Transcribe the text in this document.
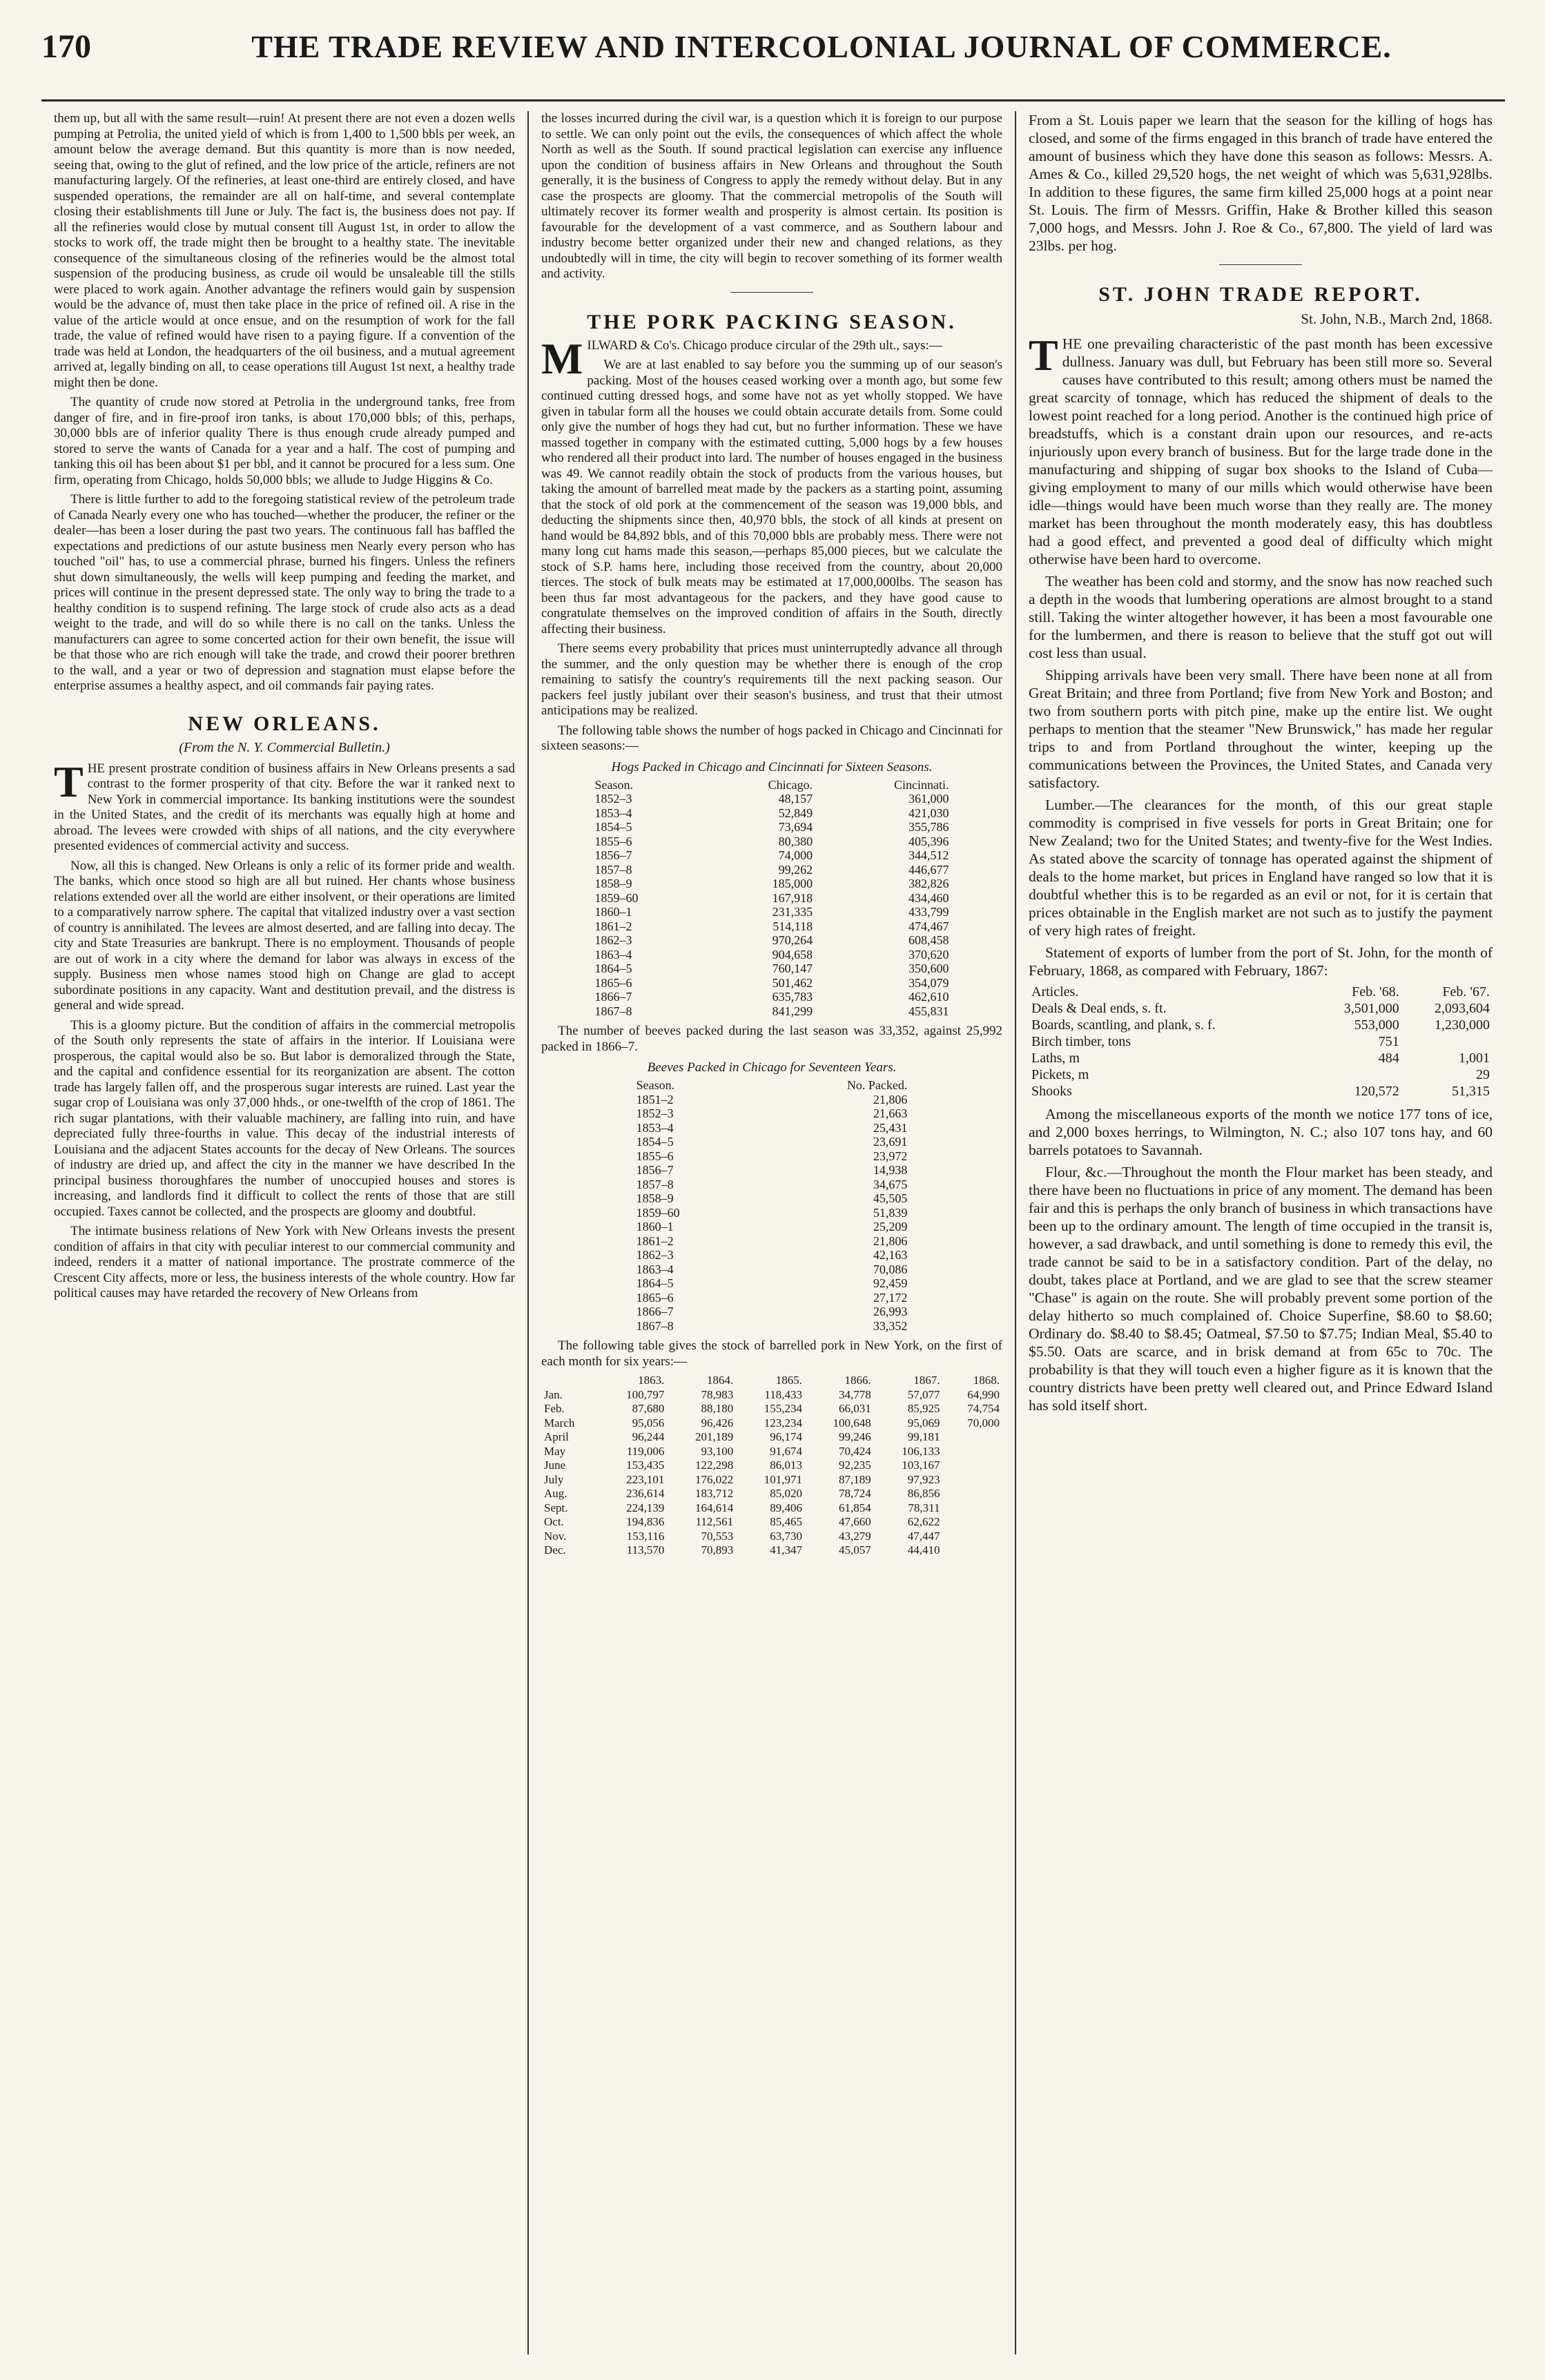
170	THE TRADE REVIEW AND INTERCOLONIAL JOURNAL OF COMMERCE.

them up, but all with the same result—ruin! At present there are not even a dozen wells pumping at Petrolia, the united yield of which is from 1,400 to 1,500 bbls per week, an amount below the average demand. But this quantity is more than is now needed, seeing that, owing to the glut of refined, and the low price of the article, refiners are not manufacturing largely. Of the refineries, at least one-third are entirely closed, and have suspended operations, the remainder are all on half-time, and several contemplate closing their establishments till June or July. The fact is, the business does not pay. If all the refineries would close by mutual consent till August 1st, in order to allow the stocks to work off, the trade might then be brought to a healthy state. The inevitable consequence of the simultaneous closing of the refineries would be the almost total suspension of the producing business, as crude oil would be unsaleable till the stills were placed to work again. Another advantage the refiners would gain by suspension would be the advance of, must then take place in the price of refined oil. A rise in the value of the article would at once ensue, and on the resumption of work for the fall trade, the value of refined would have risen to a paying figure. If a convention of the trade was held at London, the headquarters of the oil business, and a mutual agreement arrived at, legally binding on all, to cease operations till August 1st next, a healthy trade might then be done.

The quantity of crude now stored at Petrolia in the underground tanks, free from danger of fire, and in fire-proof iron tanks, is about 170,000 bbls; of this, perhaps, 30,000 bbls are of inferior quality There is thus enough crude already pumped and stored to serve the wants of Canada for a year and a half. The cost of pumping and tanking this oil has been about $1 per bbl, and it cannot be procured for a less sum. One firm, operating from Chicago, holds 50,000 bbls; we allude to Judge Higgins & Co.

There is little further to add to the foregoing statistical review of the petroleum trade of Canada Nearly every one who has touched—whether the producer, the refiner or the dealer—has been a loser during the past two years. The continuous fall has baffled the expectations and predictions of our astute business men Nearly every person who has touched "oil" has, to use a commercial phrase, burned his fingers. Unless the refiners shut down simultaneously, the wells will keep pumping and feeding the market, and prices will continue in the present depressed state. The only way to bring the trade to a healthy condition is to suspend refining. The large stock of crude also acts as a dead weight to the trade, and will do so while there is no call on the tanks. Unless the manufacturers can agree to some concerted action for their own benefit, the issue will be that those who are rich enough will take the trade, and crowd their poorer brethren to the wall, and a year or two of depression and stagnation must elapse before the enterprise assumes a healthy aspect, and oil commands fair paying rates.

NEW ORLEANS.
(From the N. Y. Commercial Bulletin.)

THE present prostrate condition of business affairs in New Orleans presents a sad contrast to the former prosperity of that city. Before the war it ranked next to New York in commercial importance. Its banking institutions were the soundest in the United States, and the credit of its merchants was equally high at home and abroad. The levees were crowded with ships of all nations, and the city everywhere presented evidences of commercial activity and success.

Now, all this is changed. New Orleans is only a relic of its former pride and wealth. The banks, which once stood so high are all but ruined. Her chants whose business relations extended over all the world are either insolvent, or their operations are limited to a comparatively narrow sphere. The capital that vitalized industry over a vast section of country is annihilated. The levees are almost deserted, and are falling into decay. The city and State Treasuries are bankrupt. There is no employment. Thousands of people are out of work in a city where the demand for labor was always in excess of the supply. Business men whose names stood high on Change are glad to accept subordinate positions in any capacity. Want and destitution prevail, and the distress is general and wide spread.

This is a gloomy picture. But the condition of affairs in the commercial metropolis of the South only represents the state of affairs in the interior. If Louisiana were prosperous, the capital would also be so. But labor is demoralized through the State, and the capital and confidence essential for its reorganization are absent. The cotton trade has largely fallen off, and the prosperous sugar interests are ruined. Last year the sugar crop of Louisiana was only 37,000 hhds., or one-twelfth of the crop of 1861. The rich sugar plantations, with their valuable machinery, are falling into ruin, and have depreciated fully three-fourths in value. This decay of the industrial interests of Louisiana and the adjacent States accounts for the decay of New Orleans. The sources of industry are dried up, and affect the city in the manner we have described In the principal business thoroughfares the number of unoccupied houses and stores is increasing, and landlords find it difficult to collect the rents of those that are still occupied. Taxes cannot be collected, and the prospects are gloomy and doubtful.

The intimate business relations of New York with New Orleans invests the present condition of affairs in that city with peculiar interest to our commercial community and indeed, renders it a matter of national importance. The prostrate commerce of the Crescent City affects, more or less, the business interests of the whole country. How far political causes may have retarded the recovery of New Orleans from

the losses incurred during the civil war, is a question which it is foreign to our purpose to settle. We can only point out the evils, the consequences of which affect the whole North as well as the South. If sound practical legislation can exercise any influence upon the condition of business affairs in New Orleans and throughout the South generally, it is the business of Congress to apply the remedy without delay. But in any case the prospects are gloomy. That the commercial metropolis of the South will ultimately recover its former wealth and prosperity is almost certain. Its position is favourable for the development of a vast commerce, and as Southern labour and industry become better organized under their new and changed relations, as they undoubtedly will in time, the city will begin to recover something of its former wealth and activity.

THE PORK PACKING SEASON.

MILWARD & Co's. Chicago produce circular of the 29th ult., says:—

We are at last enabled to say before you the summing up of our season's packing. Most of the houses ceased working over a month ago, but some few continued cutting dressed hogs, and some have not as yet wholly stopped. We have given in tabular form all the houses we could obtain accurate details from. Some could only give the number of hogs they had cut, but no further information. These we have massed together in company with the estimated cutting, 5,000 hogs by a few houses who rendered all their product into lard. The number of houses engaged in the business was 49. We cannot readily obtain the stock of products from the various houses, but taking the amount of barrelled meat made by the packers as a starting point, assuming that the stock of old pork at the commencement of the season was 19,000 bbls, and deducting the shipments since then, 40,970 bbls, the stock of all kinds at present on hand would be 84,892 bbls, and of this 70,000 bbls are probably mess. There were not many long cut hams made this season,—perhaps 85,000 pieces, but we calculate the stock of S.P. hams here, including those received from the country, about 20,000 tierces. The stock of bulk meats may be estimated at 17,000,000lbs. The season has been thus far most advantageous for the packers, and they have good cause to congratulate themselves on the improved condition of affairs in the South, directly affecting their business.

There seems every probability that prices must uninterruptedly advance all through the summer, and the only question may be whether there is enough of the crop remaining to satisfy the country's requirements till the next packing season. Our packers feel justly jubilant over their season's business, and trust that their utmost anticipations may be realized.

The following table shows the number of hogs packed in Chicago and Cincinnati for sixteen seasons:—

Hogs Packed in Chicago and Cincinnati for Sixteen Seasons.
Season.	Chicago.	Cincinnati.
1852–3	48,157	361,000
1853–4	52,849	421,030
1854–5	73,694	355,786
1855–6	80,380	405,396
1856–7	74,000	344,512
1857–8	99,262	446,677
1858–9	185,000	382,826
1859–60	167,918	434,460
1860–1	231,335	433,799
1861–2	514,118	474,467
1862–3	970,264	608,458
1863–4	904,658	370,620
1864–5	760,147	350,600
1865–6	501,462	354,079
1866–7	635,783	462,610
1867–8	841,299	455,831

The number of beeves packed during the last season was 33,352, against 25,992 packed in 1866–7.

Beeves Packed in Chicago for Seventeen Years.
Season.	No. Packed.
1851–2	21,806
1852–3	21,663
1853–4	25,431
1854–5	23,691
1855–6	23,972
1856–7	14,938
1857–8	34,675
1858–9	45,505
1859–60	51,839
1860–1	25,209
1861–2	21,806
1862–3	42,163
1863–4	70,086
1864–5	92,459
1865–6	27,172
1866–7	26,993
1867–8	33,352

The following table gives the stock of barrelled pork in New York, on the first of each month for six years:—

	1863.	1864.	1865.	1866.	1867.	1868.
Jan.	100,797	78,983	118,433	34,778	57,077	64,990
Feb.	87,680	88,180	155,234	66,031	85,925	74,754
March	95,056	96,426	123,234	100,648	95,069	70,000
April	96,244	201,189	96,174	99,246	99,181	
May	119,006	93,100	91,674	70,424	106,133	
June	153,435	122,298	86,013	92,235	103,167	
July	223,101	176,022	101,971	87,189	97,923	
Aug.	236,614	183,712	85,020	78,724	86,856	
Sept.	224,139	164,614	89,406	61,854	78,311	
Oct.	194,836	112,561	85,465	47,660	62,622	
Nov.	153,116	70,553	63,730	43,279	47,447	
Dec.	113,570	70,893	41,347	45,057	44,410	

From a St. Louis paper we learn that the season for the killing of hogs has closed, and some of the firms engaged in this branch of trade have entered the amount of business which they have done this season as follows: Messrs. A. Ames & Co., killed 29,520 hogs, the net weight of which was 5,631,928lbs. In addition to these figures, the same firm killed 25,000 hogs at a point near St. Louis. The firm of Messrs. Griffin, Hake & Brother killed this season 7,000 hogs, and Messrs. John J. Roe & Co., 67,800. The yield of lard was 23lbs. per hog.

ST. JOHN TRADE REPORT.
St. John, N.B., March 2nd, 1868.

THE one prevailing characteristic of the past month has been excessive dullness. January was dull, but February has been still more so. Several causes have contributed to this result; among others must be named the great scarcity of tonnage, which has reduced the shipment of deals to the lowest point reached for a long period. Another is the continued high price of breadstuffs, which is a constant drain upon our resources, and re-acts injuriously upon every branch of business. But for the large trade done in the manufacturing and shipping of sugar box shooks to the Island of Cuba—giving employment to many of our mills which would otherwise have been idle—things would have been much worse than they really are. The money market has been throughout the month moderately easy, this has doubtless had a good effect, and prevented a good deal of difficulty which might otherwise have been hard to overcome.

The weather has been cold and stormy, and the snow has now reached such a depth in the woods that lumbering operations are almost brought to a stand still. Taking the winter altogether however, it has been a most favourable one for the lumbermen, and there is reason to believe that the stuff got out will cost less than usual.

Shipping arrivals have been very small. There have been none at all from Great Britain; and three from Portland; five from New York and Boston; and two from southern ports with pitch pine, make up the entire list. We ought perhaps to mention that the steamer "New Brunswick," has made her regular trips to and from Portland throughout the winter, keeping up the communications between the Provinces, the United States, and Canada very satisfactory.

Lumber.—The clearances for the month, of this our great staple commodity is comprised in five vessels for ports in Great Britain; one for New Zealand; two for the United States; and twenty-five for the West Indies. As stated above the scarcity of tonnage has operated against the shipment of deals to the home market, but prices in England have ranged so low that it is doubtful whether this is to be regarded as an evil or not, for it is certain that prices obtainable in the English market are not such as to justify the payment of very high rates of freight.

Statement of exports of lumber from the port of St. John, for the month of February, 1868, as compared with February, 1867:

Articles.	Feb. '68.	Feb. '67.
Deals & Deal ends, s. ft.	3,501,000	2,093,604
Boards, scantling, and plank, s. f.	553,000	1,230,000
Birch timber, tons	751	
Laths, m	484	1,001
Pickets, m		29
Shooks	120,572	51,315

Among the miscellaneous exports of the month we notice 177 tons of ice, and 2,000 boxes herrings, to Wilmington, N. C.; also 107 tons hay, and 60 barrels potatoes to Savannah.

Flour, &c.—Throughout the month the Flour market has been steady, and there have been no fluctuations in price of any moment. The demand has been fair and this is perhaps the only branch of business in which transactions have been up to the ordinary amount. The length of time occupied in the transit is, however, a sad drawback, and until something is done to remedy this evil, the trade cannot be said to be in a satisfactory condition. Part of the delay, no doubt, takes place at Portland, and we are glad to see that the screw steamer "Chase" is again on the route. She will probably prevent some portion of the delay hitherto so much complained of. Choice Superfine, $8.60 to $8.60; Ordinary do. $8.40 to $8.45; Oatmeal, $7.50 to $7.75; Indian Meal, $5.40 to $5.50. Oats are scarce, and in brisk demand at from 65c to 70c. The probability is that they will touch even a higher figure as it is known that the country districts have been pretty well cleared out, and Prince Edward Island has sold itself short.
